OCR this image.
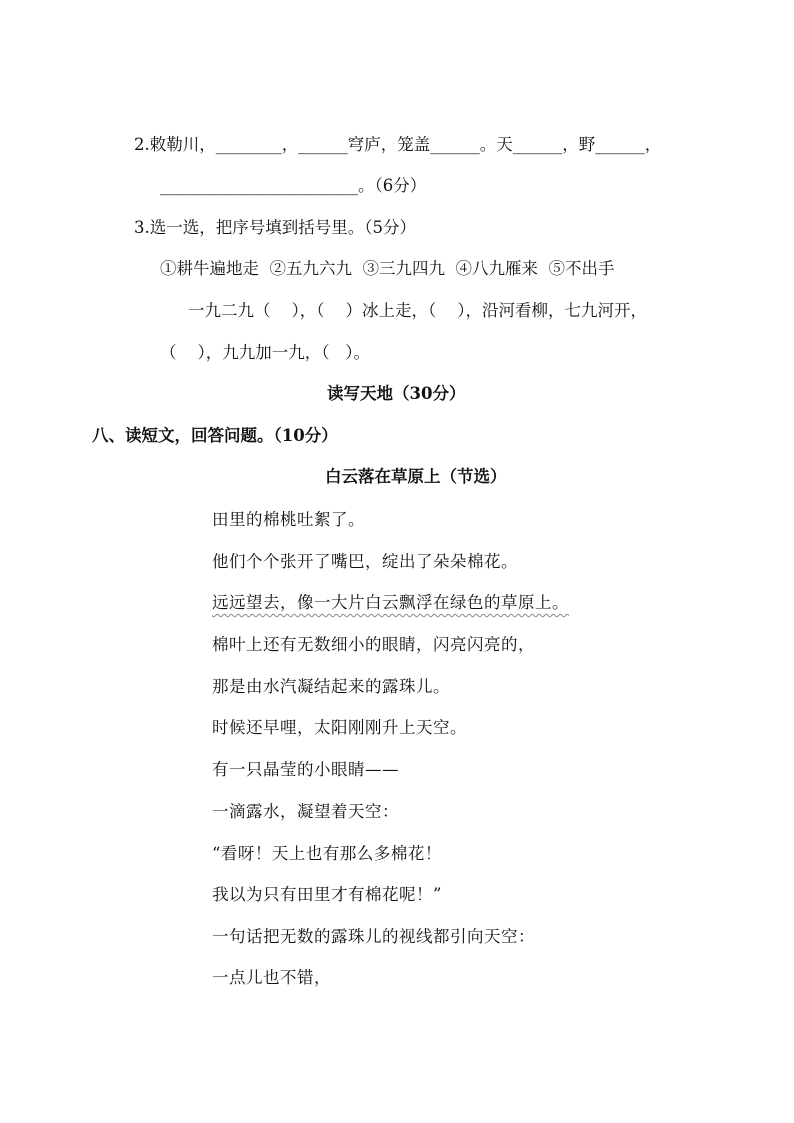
2.敕勒川，________，______穹庐，笼盖______。天______，野______，
________________________。（6分）
3.选一选，把序号填到括号里。（5分）
①耕牛遍地走  ②五九六九  ③三九四九  ④八九雁来  ⑤不出手
一九二九（    ），（    ）冰上走，（    ），沿河看柳，七九河开，
（    ），九九加一九，（   ）。
读写天地（30分）
八、读短文，回答问题。（10分）
白云落在草原上（节选）
田里的棉桃吐絮了。
他们个个张开了嘴巴，绽出了朵朵棉花。
远远望去，像一大片白云飘浮在绿色的草原上。
棉叶上还有无数细小的眼睛，闪亮闪亮的，
那是由水汽凝结起来的露珠儿。
时候还早哩，太阳刚刚升上天空。
有一只晶莹的小眼睛——
一滴露水，凝望着天空：
“看呀！天上也有那么多棉花！
我以为只有田里才有棉花呢！”
一句话把无数的露珠儿的视线都引向天空：
一点儿也不错，
